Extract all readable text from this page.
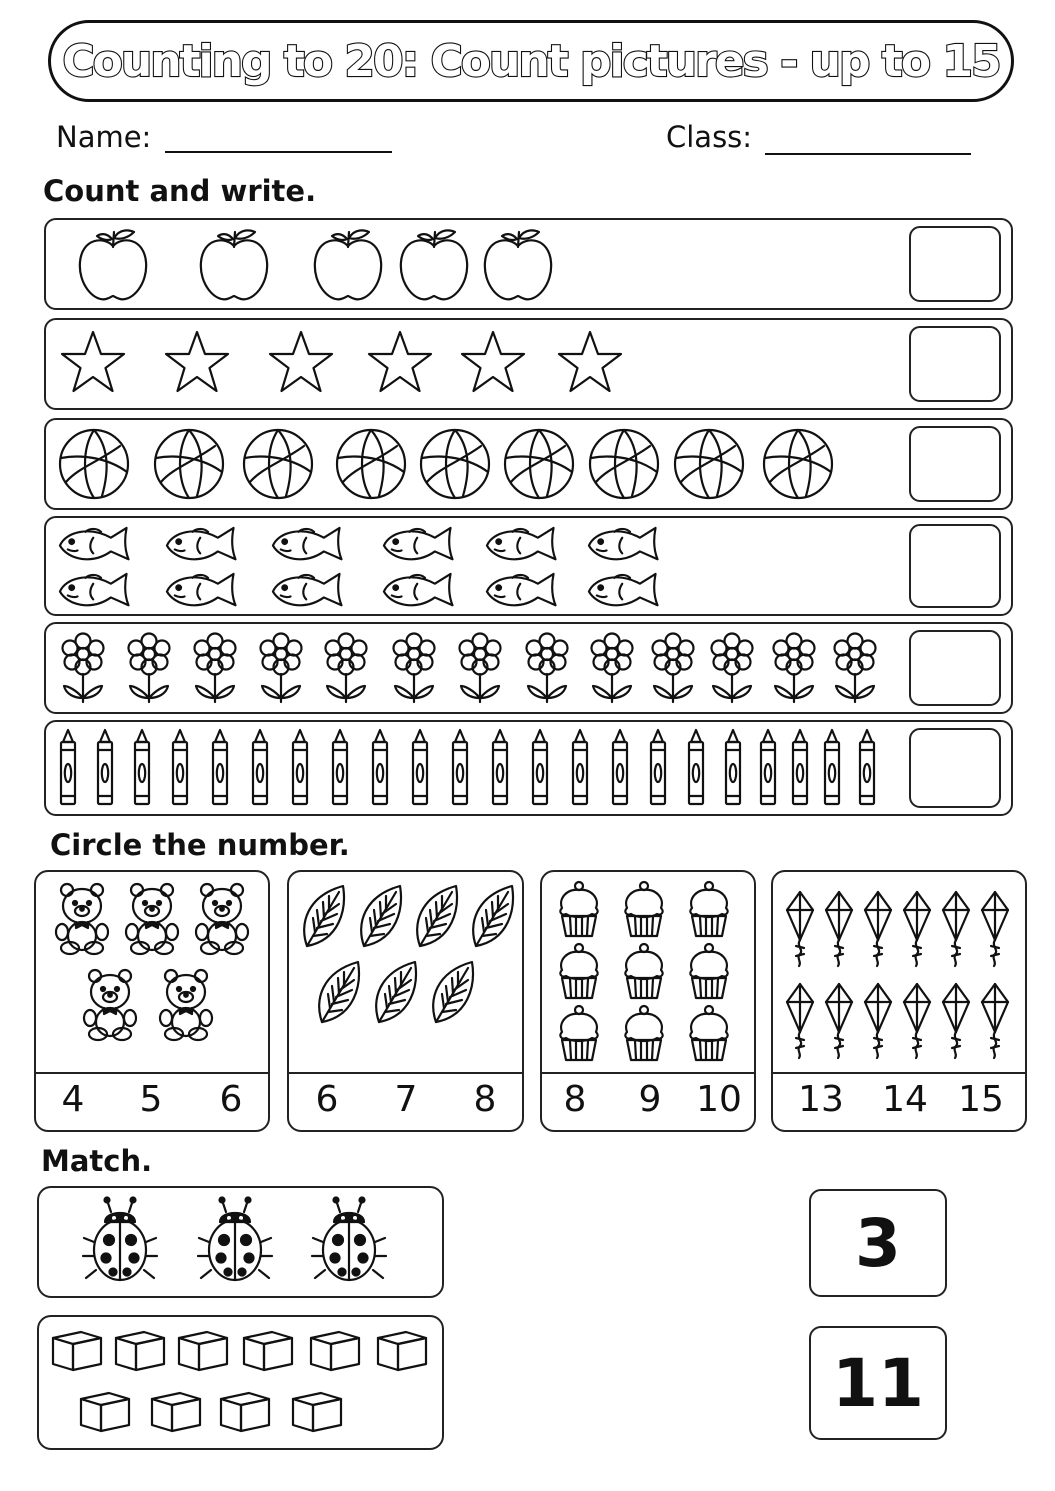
Counting to 20: Count pictures - up to 15
Name:	Class:
Count and write.
Circle the number.
4 5 6 6 7 8 8 9 10 13 14 15
Match.
3
11
